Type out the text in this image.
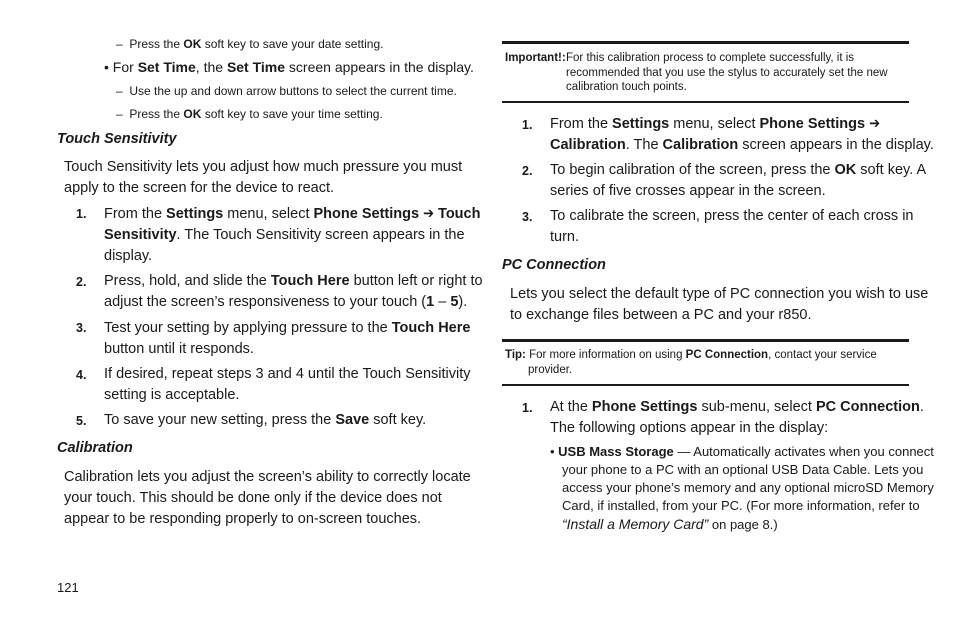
–  Press the OK soft key to save your date setting.
• For Set Time, the Set Time screen appears in the display.
–  Use the up and down arrow buttons to select the current time.
–  Press the OK soft key to save your time setting.
Touch Sensitivity
Touch Sensitivity lets you adjust how much pressure you must
apply to the screen for the device to react.
1. From the Settings menu, select Phone Settings ➔ Touch
Sensitivity. The Touch Sensitivity screen appears in the
display.
2. Press, hold, and slide the Touch Here button left or right to
adjust the screen’s responsiveness to your touch (1 – 5).
3. Test your setting by applying pressure to the Touch Here
button until it responds.
4. If desired, repeat steps 3 and 4 until the Touch Sensitivity
setting is acceptable.
5. To save your new setting, press the Save soft key.
Calibration
Calibration lets you adjust the screen’s ability to correctly locate
your touch. This should be done only if the device does not
appear to be responding properly to on-screen touches.
121
Important!: For this calibration process to complete successfully, it is
recommended that you use the stylus to accurately set the new
calibration touch points.
1. From the Settings menu, select Phone Settings ➔
Calibration. The Calibration screen appears in the display.
2. To begin calibration of the screen, press the OK soft key. A
series of five crosses appear in the screen.
3. To calibrate the screen, press the center of each cross in
turn.
PC Connection
Lets you select the default type of PC connection you wish to use
to exchange files between a PC and your r850.
Tip: For more information on using PC Connection, contact your service
provider.
1. At the Phone Settings sub-menu, select PC Connection.
The following options appear in the display:
• USB Mass Storage — Automatically activates when you connect
your phone to a PC with an optional USB Data Cable. Lets you
access your phone’s memory and any optional microSD Memory
Card, if installed, from your PC. (For more information, refer to
“Install a Memory Card” on page 8.)
